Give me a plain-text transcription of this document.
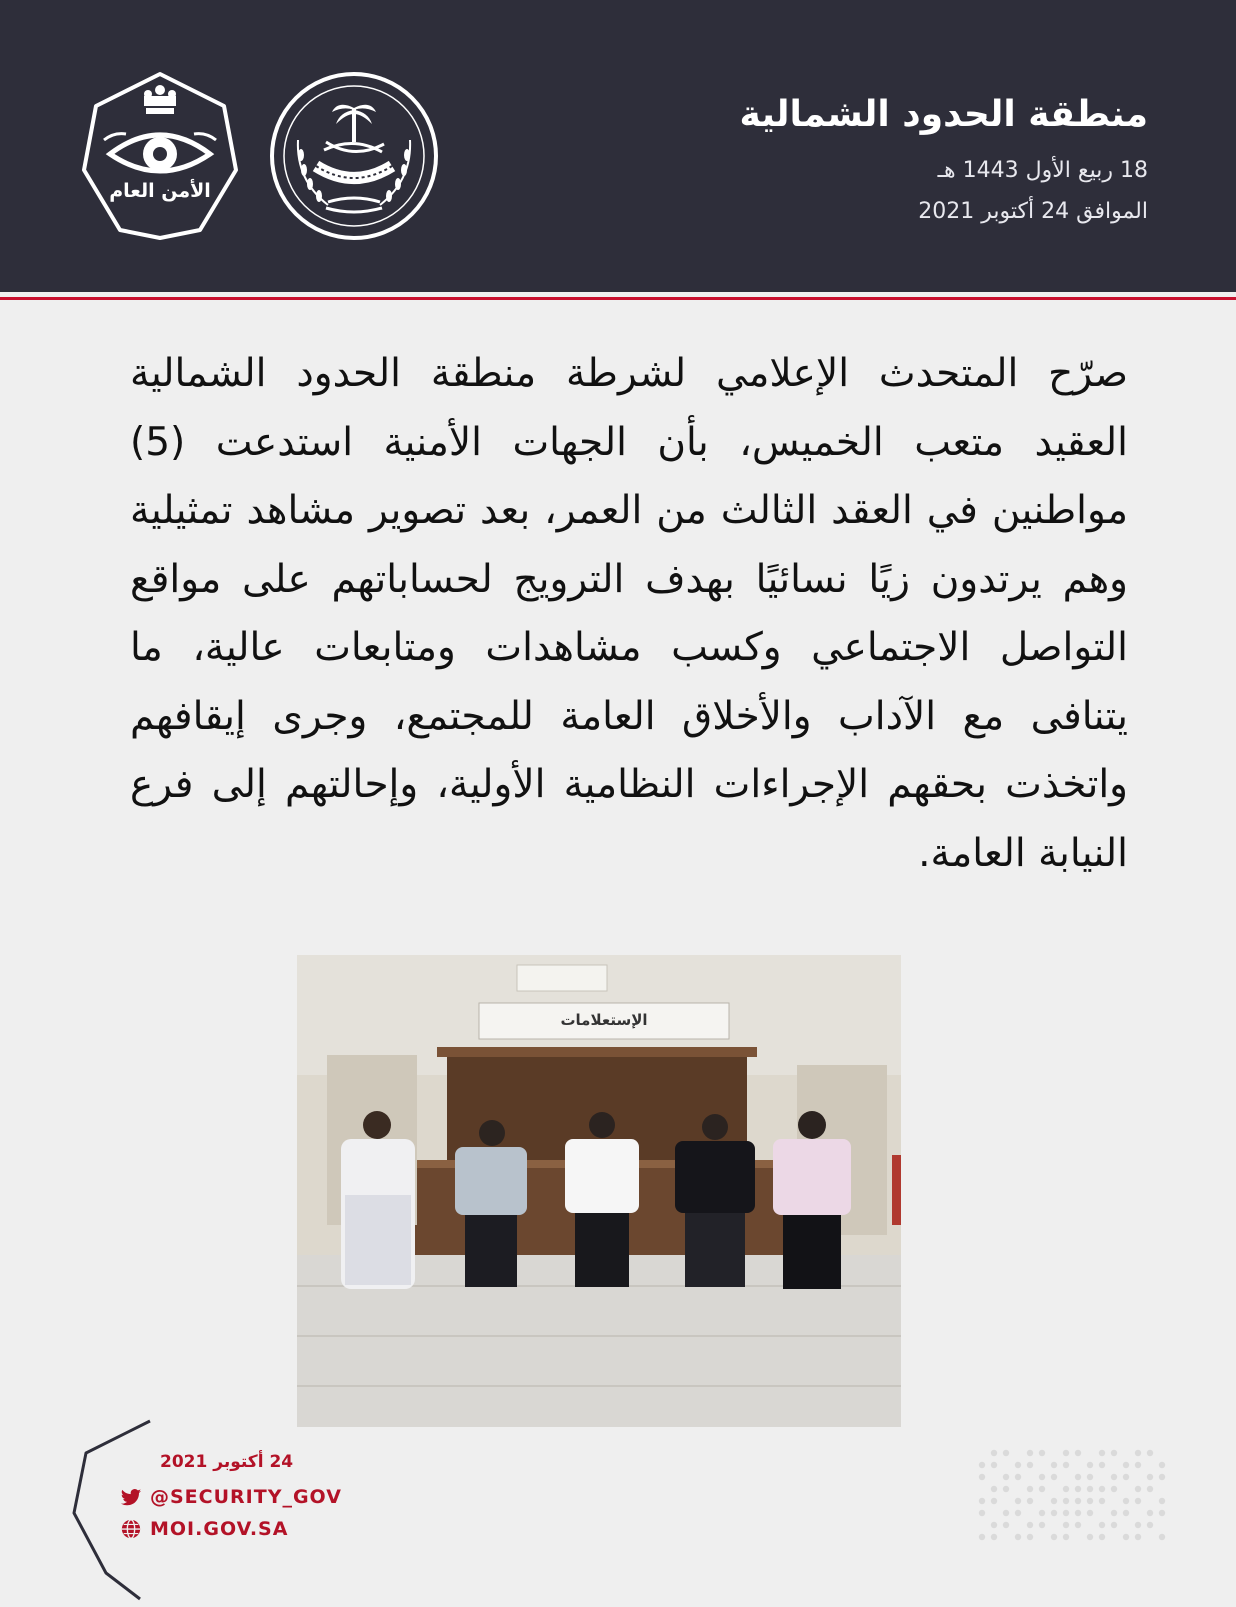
منطقة الحدود الشمالية
18 ربيع الأول 1443 هـ
الموافق 24 أكتوبر 2021
الأمن العام
صرّح المتحدث الإعلامي لشرطة منطقة الحدود الشمالية العقيد متعب الخميس، بأن الجهات الأمنية استدعت (5) مواطنين في العقد الثالث من العمر، بعد تصوير مشاهد تمثيلية وهم يرتدون زيًا نسائيًا بهدف الترويج لحساباتهم على مواقع التواصل الاجتماعي وكسب مشاهدات ومتابعات عالية، ما يتنافى مع الآداب والأخلاق العامة للمجتمع، وجرى إيقافهم واتخذت بحقهم الإجراءات النظامية الأولية، وإحالتهم إلى فرع النيابة العامة.
الإستعلامات
24 أكتوبر 2021
@SECURITY_GOV
MOI.GOV.SA
